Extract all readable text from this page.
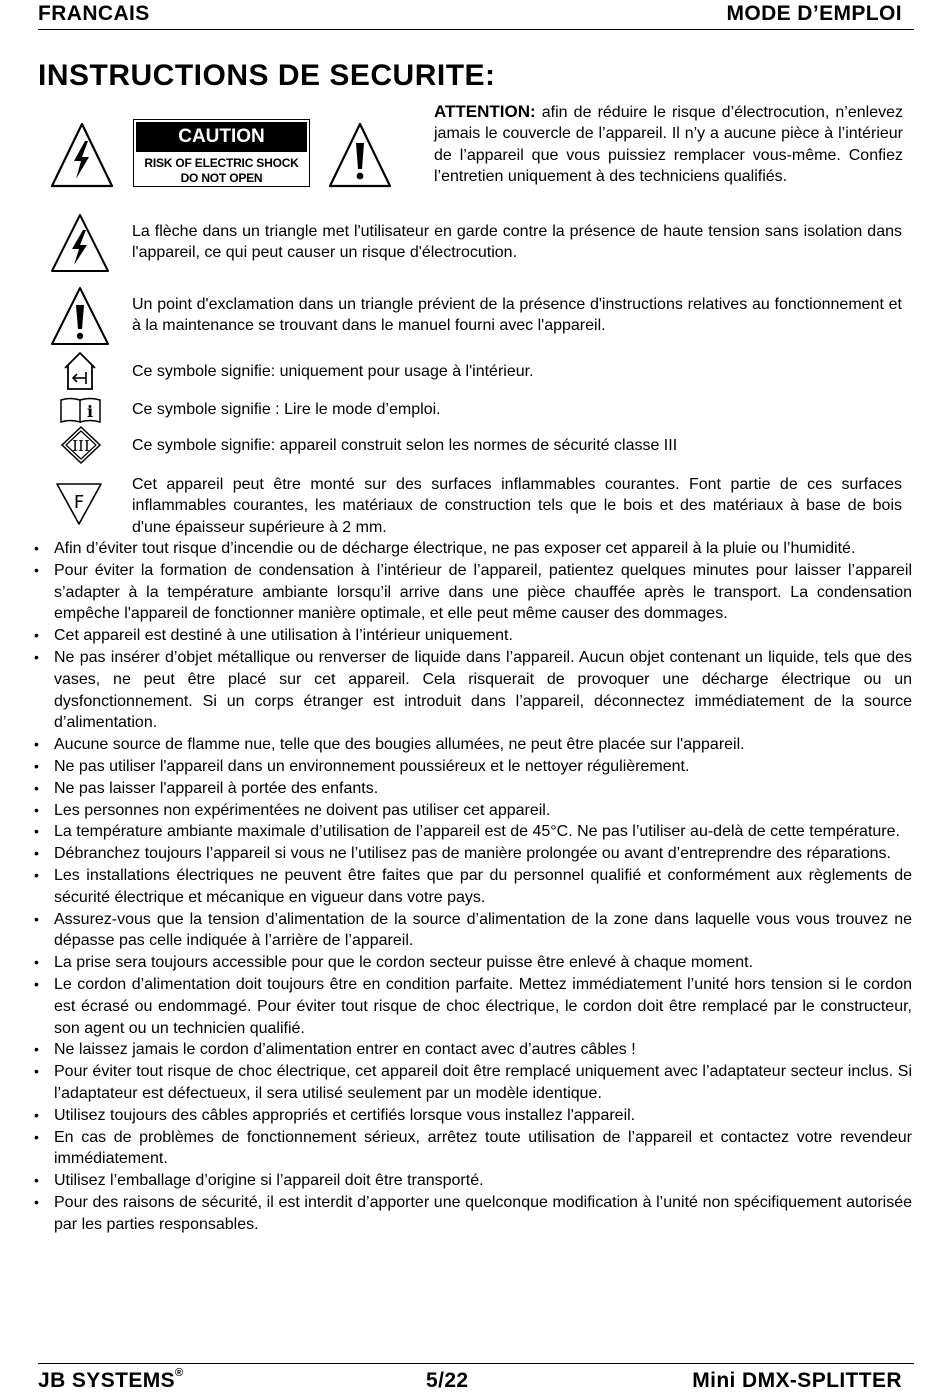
FRANCAIS	MODE D’EMPLOI
INSTRUCTIONS DE SECURITE:
CAUTION
RISK OF ELECTRIC SHOCK
DO NOT OPEN
ATTENTION: afin de réduire le risque d’électrocution, n’enlevez jamais le couvercle de l’appareil. Il n’y a aucune pièce à l’intérieur de l’appareil que vous puissiez remplacer vous-même. Confiez l’entretien uniquement à des techniciens qualifiés.
La flèche dans un triangle met l'utilisateur en garde contre la présence de haute tension sans isolation dans l'appareil, ce qui peut causer un risque d'électrocution.
Un point d'exclamation dans un triangle prévient de la présence d'instructions relatives au fonctionnement et à la maintenance se trouvant dans le manuel fourni avec l'appareil.
Ce symbole signifie: uniquement pour usage à l'intérieur.
i Ce symbole signifie : Lire le mode d’emploi.
III	Ce symbole signifie: appareil construit selon les normes de sécurité classe III
F
Cet appareil peut être monté sur des surfaces inflammables courantes. Font partie de ces surfaces inflammables courantes, les matériaux de construction tels que le bois et des matériaux à base de bois d'une épaisseur supérieure à 2 mm.
• Afin d’éviter tout risque d’incendie ou de décharge électrique, ne pas exposer cet appareil à la pluie ou l’humidité.
• Pour éviter la formation de condensation à l’intérieur de l’appareil, patientez quelques minutes pour laisser l’appareil s’adapter à la température ambiante lorsqu’il arrive dans une pièce chauffée après le transport. La condensation empêche l'appareil de fonctionner manière optimale, et elle peut même causer des dommages.
• Cet appareil est destiné à une utilisation à l’intérieur uniquement.
• Ne pas insérer d’objet métallique ou renverser de liquide dans l’appareil. Aucun objet contenant un liquide, tels que des vases, ne peut être placé sur cet appareil. Cela risquerait de provoquer une décharge électrique ou un dysfonctionnement. Si un corps étranger est introduit dans l’appareil, déconnectez immédiatement de la source d’alimentation.
• Aucune source de flamme nue, telle que des bougies allumées, ne peut être placée sur l'appareil.
• Ne pas utiliser l'appareil dans un environnement poussiéreux et le nettoyer régulièrement.
• Ne pas laisser l'appareil à portée des enfants.
• Les personnes non expérimentées ne doivent pas utiliser cet appareil.
• La température ambiante maximale d’utilisation de l’appareil est de 45°C. Ne pas l’utiliser au-delà de cette température.
• Débranchez toujours l’appareil si vous ne l’utilisez pas de manière prolongée ou avant d’entreprendre des réparations.
• Les installations électriques ne peuvent être faites que par du personnel qualifié et conformément aux règlements de sécurité électrique et mécanique en vigueur dans votre pays.
• Assurez-vous que la tension d’alimentation de la source d’alimentation de la zone dans laquelle vous vous trouvez ne dépasse pas celle indiquée à l’arrière de l’appareil.
• La prise sera toujours accessible pour que le cordon secteur puisse être enlevé à chaque moment.
• Le cordon d’alimentation doit toujours être en condition parfaite. Mettez immédiatement l’unité hors tension si le cordon est écrasé ou endommagé. Pour éviter tout risque de choc électrique, le cordon doit être remplacé par le constructeur, son agent ou un technicien qualifié.
• Ne laissez jamais le cordon d’alimentation entrer en contact avec d’autres câbles !
• Pour éviter tout risque de choc électrique, cet appareil doit être remplacé uniquement avec l’adaptateur secteur inclus. Si l’adaptateur est défectueux, il sera utilisé seulement par un modèle identique.
• Utilisez toujours des câbles appropriés et certifiés lorsque vous installez l'appareil.
• En cas de problèmes de fonctionnement sérieux, arrêtez toute utilisation de l’appareil et contactez votre revendeur immédiatement.
• Utilisez l’emballage d’origine si l’appareil doit être transporté.
• Pour des raisons de sécurité, il est interdit d’apporter une quelconque modification à l’unité non spécifiquement autorisée par les parties responsables.
JB SYSTEMS®	5/22	Mini DMX-SPLITTER
